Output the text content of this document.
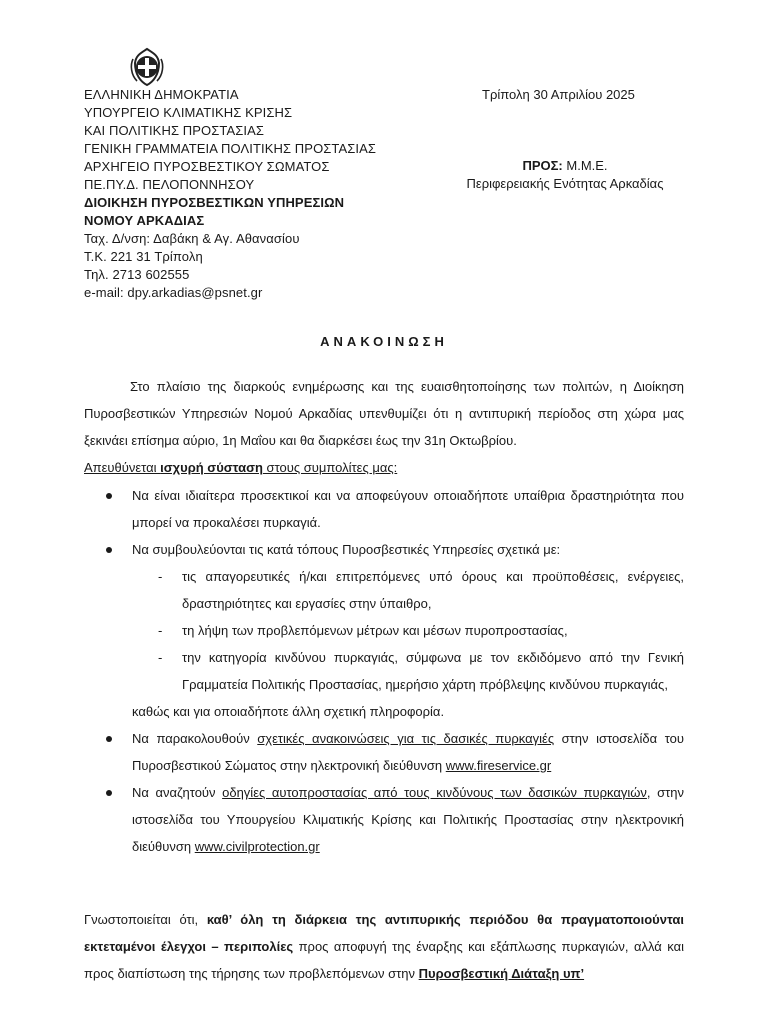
ΕΛΛΗΝΙΚΗ ΔΗΜΟΚΡΑΤΙΑ
ΥΠΟΥΡΓΕΙΟ ΚΛΙΜΑΤΙΚΗΣ ΚΡΙΣΗΣ
ΚΑΙ ΠΟΛΙΤΙΚΗΣ ΠΡΟΣΤΑΣΙΑΣ
ΓΕΝΙΚΗ ΓΡΑΜΜΑΤΕΙΑ ΠΟΛΙΤΙΚΗΣ ΠΡΟΣΤΑΣΙΑΣ
ΑΡΧΗΓΕΙΟ ΠΥΡΟΣΒΕΣΤΙΚΟΥ ΣΩΜΑΤΟΣ
ΠΕ.ΠΥ.Δ. ΠΕΛΟΠΟΝΝΗΣΟΥ
ΔΙΟΙΚΗΣΗ ΠΥΡΟΣΒΕΣΤΙΚΩΝ ΥΠΗΡΕΣΙΩΝ
ΝΟΜΟΥ ΑΡΚΑΔΙΑΣ
Ταχ. Δ/νση: Δαβάκη & Αγ. Αθανασίου
Τ.Κ. 221 31 Τρίπολη
Τηλ. 2713 602555
e-mail: dpy.arkadias@psnet.gr
Τρίπολη 30 Απριλίου 2025
ΠΡΟΣ: Μ.Μ.Ε.
Περιφερειακής Ενότητας Αρκαδίας
ΑΝΑΚΟΙΝΩΣΗ
Στο πλαίσιο της διαρκούς ενημέρωσης και της ευαισθητοποίησης των πολιτών, η Διοίκηση Πυροσβεστικών Υπηρεσιών Νομού Αρκαδίας υπενθυμίζει ότι η αντιπυρική περίοδος στη χώρα μας ξεκινάει επίσημα αύριο, 1η Μαΐου και θα διαρκέσει έως την 31η Οκτωβρίου.
Απευθύνεται ισχυρή σύσταση στους συμπολίτες μας:
Να είναι ιδιαίτερα προσεκτικοί και να αποφεύγουν οποιαδήποτε υπαίθρια δραστηριότητα που μπορεί να προκαλέσει πυρκαγιά.
Να συμβουλεύονται τις κατά τόπους Πυροσβεστικές Υπηρεσίες σχετικά με:
- τις απαγορευτικές ή/και επιτρεπόμενες υπό όρους και προϋποθέσεις, ενέργειες, δραστηριότητες και εργασίες στην ύπαιθρο,
- τη λήψη των προβλεπόμενων μέτρων και μέσων πυροπροστασίας,
- την κατηγορία κινδύνου πυρκαγιάς, σύμφωνα με τον εκδιδόμενο από την Γενική Γραμματεία Πολιτικής Προστασίας, ημερήσιο χάρτη πρόβλεψης κινδύνου πυρκαγιάς,
καθώς και για οποιαδήποτε άλλη σχετική πληροφορία.
Να παρακολουθούν σχετικές ανακοινώσεις για τις δασικές πυρκαγιές στην ιστοσελίδα του Πυροσβεστικού Σώματος στην ηλεκτρονική διεύθυνση www.fireservice.gr
Να αναζητούν οδηγίες αυτοπροστασίας από τους κινδύνους των δασικών πυρκαγιών, στην ιστοσελίδα του Υπουργείου Κλιματικής Κρίσης και Πολιτικής Προστασίας στην ηλεκτρονική διεύθυνση www.civilprotection.gr
Γνωστοποιείται ότι, καθ’ όλη τη διάρκεια της αντιπυρικής περιόδου θα πραγματοποιούνται εκτεταμένοι έλεγχοι – περιπολίες προς αποφυγή της έναρξης και εξάπλωσης πυρκαγιών, αλλά και προς διαπίστωση της τήρησης των προβλεπόμενων στην Πυροσβεστική Διάταξη υπ’
